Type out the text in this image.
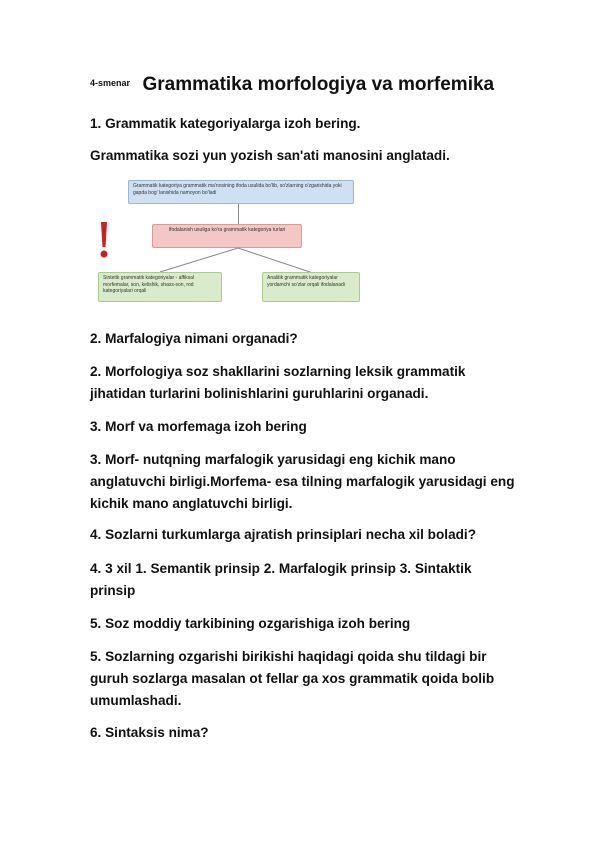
$^{4-smenar}$ Grammatika morfologiya va morfemika

1. Grammatik kategoriyalarga izoh bering.

Grammatika sozi yun yozish san'ati manosini anglatadi.

Grammatik kategoriya grammatik ma'nosining ifoda usulida bo'lib, so'zlarning o'zgarishida yoki gapda bog' lanishida namoyon bo'ladi
Ifodalanish usuliga ko'ra grammatik kategoriya turlari
Sintetik grammatik kategoriyalar - affiksal morfemalar, son, kelishik, shaxs-son, rod kategoriyalari orqali
Analitik grammatik kategoriyalar yordamchi so'zlar orqali ifodalanadi

2. Marfalogiya nimani organadi?

2. Morfologiya soz shakllarini sozlarning leksik grammatik jihatidan turlarini bolinishlarini guruhlarini organadi.

3. Morf va morfemaga izoh bering

3. Morf- nutqning marfalogik yarusidagi eng kichik mano anglatuvchi birligi.Morfema- esa tilning marfalogik yarusidagi eng kichik mano anglatuvchi birligi.

4. Sozlarni turkumlarga ajratish prinsiplari necha xil boladi?

4. 3 xil 1. Semantik prinsip 2. Marfalogik prinsip 3. Sintaktik prinsip

5. Soz moddiy tarkibining ozgarishiga izoh bering

5. Sozlarning ozgarishi birikishi haqidagi qoida shu tildagi bir guruh sozlarga masalan ot fellar ga xos grammatik qoida bolib umumlashadi.

6. Sintaksis nima?
